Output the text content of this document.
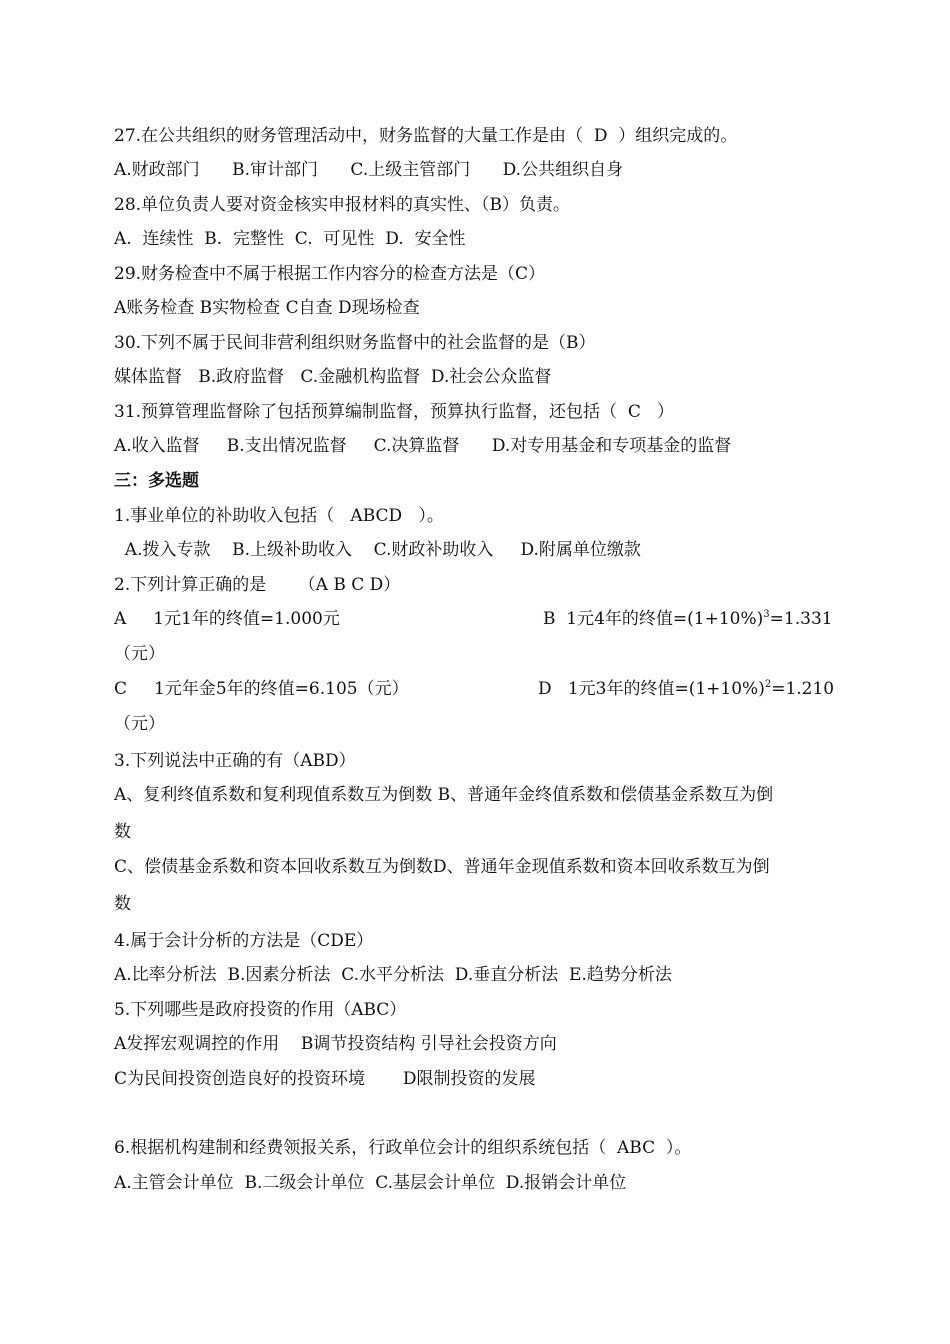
27.在公共组织的财务管理活动中，财务监督的大量工作是由（  D  ）组织完成的。

A.财政部门      B.审计部门      C.上级主管部门      D.公共组织自身

28.单位负责人要对资金核实申报材料的真实性、（B）负责。

A.  连续性  B.  完整性  C.  可见性  D.  安全性

29.财务检查中不属于根据工作内容分的检查方法是（C）

A账务检查 B实物检查 C自查 D现场检查

30.下列不属于民间非营利组织财务监督中的社会监督的是（B）

媒体监督   B.政府监督   C.金融机构监督  D.社会公众监督

31.预算管理监督除了包括预算编制监督，预算执行监督，还包括（  C   ）

A.收入监督     B.支出情况监督     C.决算监督      D.对专用基金和专项基金的监督

三：多选题

1.事业单位的补助收入包括（   ABCD   ）。

A.拨入专款    B.上级补助收入    C.财政补助收入     D.附属单位缴款

2.下列计算正确的是      （A B C D）

A     1元1年的终值=1.000元	B  1元4年的终值$=(1+10\%)^3=1.331$

（元）

C     1元年金5年的终值=6.105（元）	D   1元3年的终值$=(1+10\%)^2=1.210$

（元）

3.下列说法中正确的有（ABD）

A、复利终值系数和复利现值系数互为倒数 B、普通年金终值系数和偿债基金系数互为倒

数

C、偿债基金系数和资本回收系数互为倒数D、普通年金现值系数和资本回收系数互为倒

数

4.属于会计分析的方法是（CDE）

A.比率分析法  B.因素分析法  C.水平分析法  D.垂直分析法  E.趋势分析法

5.下列哪些是政府投资的作用（ABC）

A发挥宏观调控的作用    B调节投资结构 引导社会投资方向

C为民间投资创造良好的投资环境       D限制投资的发展

6.根据机构建制和经费领报关系，行政单位会计的组织系统包括（  ABC  ）。

A.主管会计单位  B.二级会计单位  C.基层会计单位  D.报销会计单位
